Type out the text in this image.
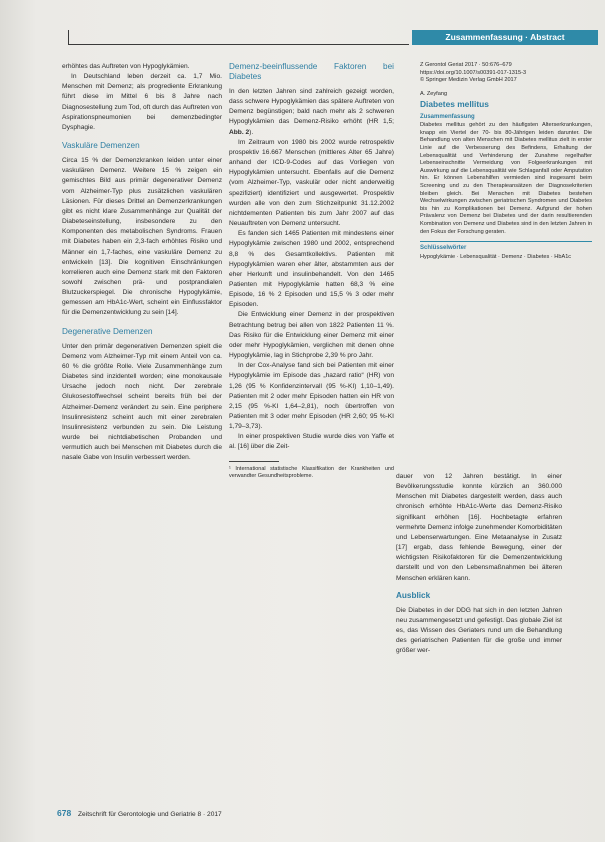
Zusammenfassung · Abstract

erhöhtes das Auftreten von Hypoglykämien.

In Deutschland leben derzeit ca. 1,7 Mio. Menschen mit Demenz; als progrediente Erkrankung führt diese im Mittel 6 bis 8 Jahre nach Diagnosestellung zum Tod, oft durch das Auftreten von Aspirationspneumonien bei demenzbedingter Dysphagie.

Vaskuläre Demenzen

Circa 15 % der Demenzkranken leiden unter einer vaskulären Demenz. Weitere 15 % zeigen ein gemischtes Bild aus primär degenerativer Demenz vom Alzheimer-Typ plus zusätzlichen vaskulären Läsionen. Für dieses Drittel an Demenzerkrankungen gibt es nicht klare Zusammenhänge zur Qualität der Diabeteseinstellung, insbesondere zu den Komponenten des metabolischen Syndroms. Frauen mit Diabetes haben ein 2,3-fach erhöhtes Risiko und Männer ein 1,7-faches, eine vaskuläre Demenz zu entwickeln [13]. Die kognitiven Einschränkungen korrelieren auch eine Demenz stark mit den Faktoren sowohl zwischen prä- und postprandialen Blutzuckerspiegel. Die chronische Hypoglykämie, gemessen am HbA1c-Wert, scheint ein Einflussfaktor für die Demenzentwicklung zu sein [14].

Degenerative Demenzen

Unter den primär degenerativen Demenzen spielt die Demenz vom Alzheimer-Typ mit einem Anteil von ca. 60 % die größte Rolle. Viele Zusammenhänge zum Diabetes sind inzidentell worden; eine monokausale Ursache jedoch noch nicht. Der zerebrale Glukosestoffwechsel scheint bereits früh bei der Alzheimer-Demenz verändert zu sein. Eine periphere Insulinresistenz scheint auch mit einer zerebralen Insulinresistenz verbunden zu sein. Die Leistung wurde bei nichtdiabetischen Probanden und vermutlich auch bei Menschen mit Diabetes durch die nasale Gabe von Insulin verbessert werden.

Demenz-beeinflussende Faktoren bei Diabetes

In den letzten Jahren sind zahlreich gezeigt worden, dass schwere Hypoglykämien das spätere Auftreten von Demenz begünstigen; bald nach mehr als 2 schweren Hypoglykämien das Demenz-Risiko erhöht (HR 1,5; Abb. 2).

Im Zeitraum von 1980 bis 2002 wurde retrospektiv prospektiv 16.667 Menschen (mittleres Alter 65 Jahre) anhand der ICD-9-Codes auf das Vorliegen von Hypoglykämien untersucht. Ebenfalls auf die Demenz (vom Alzheimer-Typ, vaskulär oder nicht anderweitig spezifiziert) identifiziert und ausgewertet. Prospektiv wurden alle von den zum Stichzeitpunkt 31.12.2002 nichtdementen Patienten bis zum Jahr 2007 auf das Neuauftreten von Demenz untersucht.

Es fanden sich 1465 Patienten mit mindestens einer Hypoglykämie zwischen 1980 und 2002, entsprechend 8,8 % des Gesamtkollektivs. Patienten mit Hypoglykämien waren eher älter, abstammten aus der eher Herkunft und insulinbehandelt. Von den 1465 Patienten mit Hypoglykämie hatten 68,3 % eine Episode, 16 % 2 Episoden und 15,5 % 3 oder mehr Episoden.

Die Entwicklung einer Demenz in der prospektiven Betrachtung betrug bei allen von 1822 Patienten 11 %. Das Risiko für die Entwicklung einer Demenz mit einer oder mehr Hypoglykämien, verglichen mit denen ohne Hypoglykämie, lag in Stichprobe 2,39 % pro Jahr.

In der Cox-Analyse fand sich bei Patienten mit einer Hypoglykämie im Episode das „hazard ratio“ (HR) von 1,26 (95 % Konfidenzintervall (95 %-KI) 1,10–1,49). Patienten mit 2 oder mehr Episoden hatten ein HR von 2,15 (95 %-KI 1,64–2,81), noch übertroffen von Patienten mit 3 oder mehr Episoden (HR 2,60; 95 %-KI 1,79–3,73).

In einer prospektiven Studie wurde dies von Yaffe et al. [16] über die Zeit-

¹ International statistische Klassifikation der Krankheiten und verwandter Gesundheitsprobleme.	dauer von 12 Jahren bestätigt. In einer Bevölkerungsstudie konnte kürzlich an 360.000 Menschen mit Diabetes dargestellt werden, dass auch chronisch erhöhte HbA1c-Werte das Demenz-Risiko signifikant erhöhen [16]. Hochbetagte erfahren vermehrte Demenz infolge zunehmender Komorbiditäten und Lebenserwartungen. Eine Metaanalyse in Zusatz [17] ergab, dass fehlende Bewegung, einer der wichtigsten Risikofaktoren für die Demenzentwicklung darstellt und von den Lebensmaßnahmen bei älteren Menschen erklären kann.

Ausblick

Die Diabetes in der DDG hat sich in den letzten Jahren neu zusammengesetzt und gefestigt. Das globale Ziel ist es, das Wissen des Geriaters rund um die Behandlung des geriatrischen Patienten für die große und immer größer wer-

Z Gerontol Geriat 2017 · 50:676–679
https://doi.org/10.1007/s00391-017-1315-3
© Springer Medizin Verlag GmbH 2017
A. Zeyfang
Diabetes mellitus
Zusammenfassung
Diabetes mellitus gehört zu den häufigsten Alterserkrankungen, knapp ein Viertel der 70- bis 80-Jährigen leiden darunter. Die Behandlung von alten Menschen mit Diabetes mellitus zielt in erster Linie auf die Verbesserung des Befindens, Erhaltung der Lebensqualität und Verhinderung der Zunahme regelhafter Lebenseinschnitte Vermeidung von Folgeerkrankungen mit Auswirkung auf die Lebensqualität wie Schlaganfall oder Amputation hin. Er können Lebenshilfen vermieden sind insgesamt beim Screening und zu den Therapieansätzen der Diagnosekriterien bleiben gleich. Bei Menschen mit Diabetes bestehen Wechselwirkungen zwischen geriatrischen Syndromen und Diabetes bis hin zu Komplikationen bei Demenz. Aufgrund der hohen Prävalenz von Demenz bei Diabetes und der darin resultierenden Kombination von Demenz und Diabetes sind in den letzten Jahren in den Fokus der Forschung geraten.
Schlüsselwörter
Hypoglykämie · Lebensqualität · Demenz · Diabetes · HbA1c
678 Zeitschrift für Gerontologie und Geriatrie 8 · 2017
